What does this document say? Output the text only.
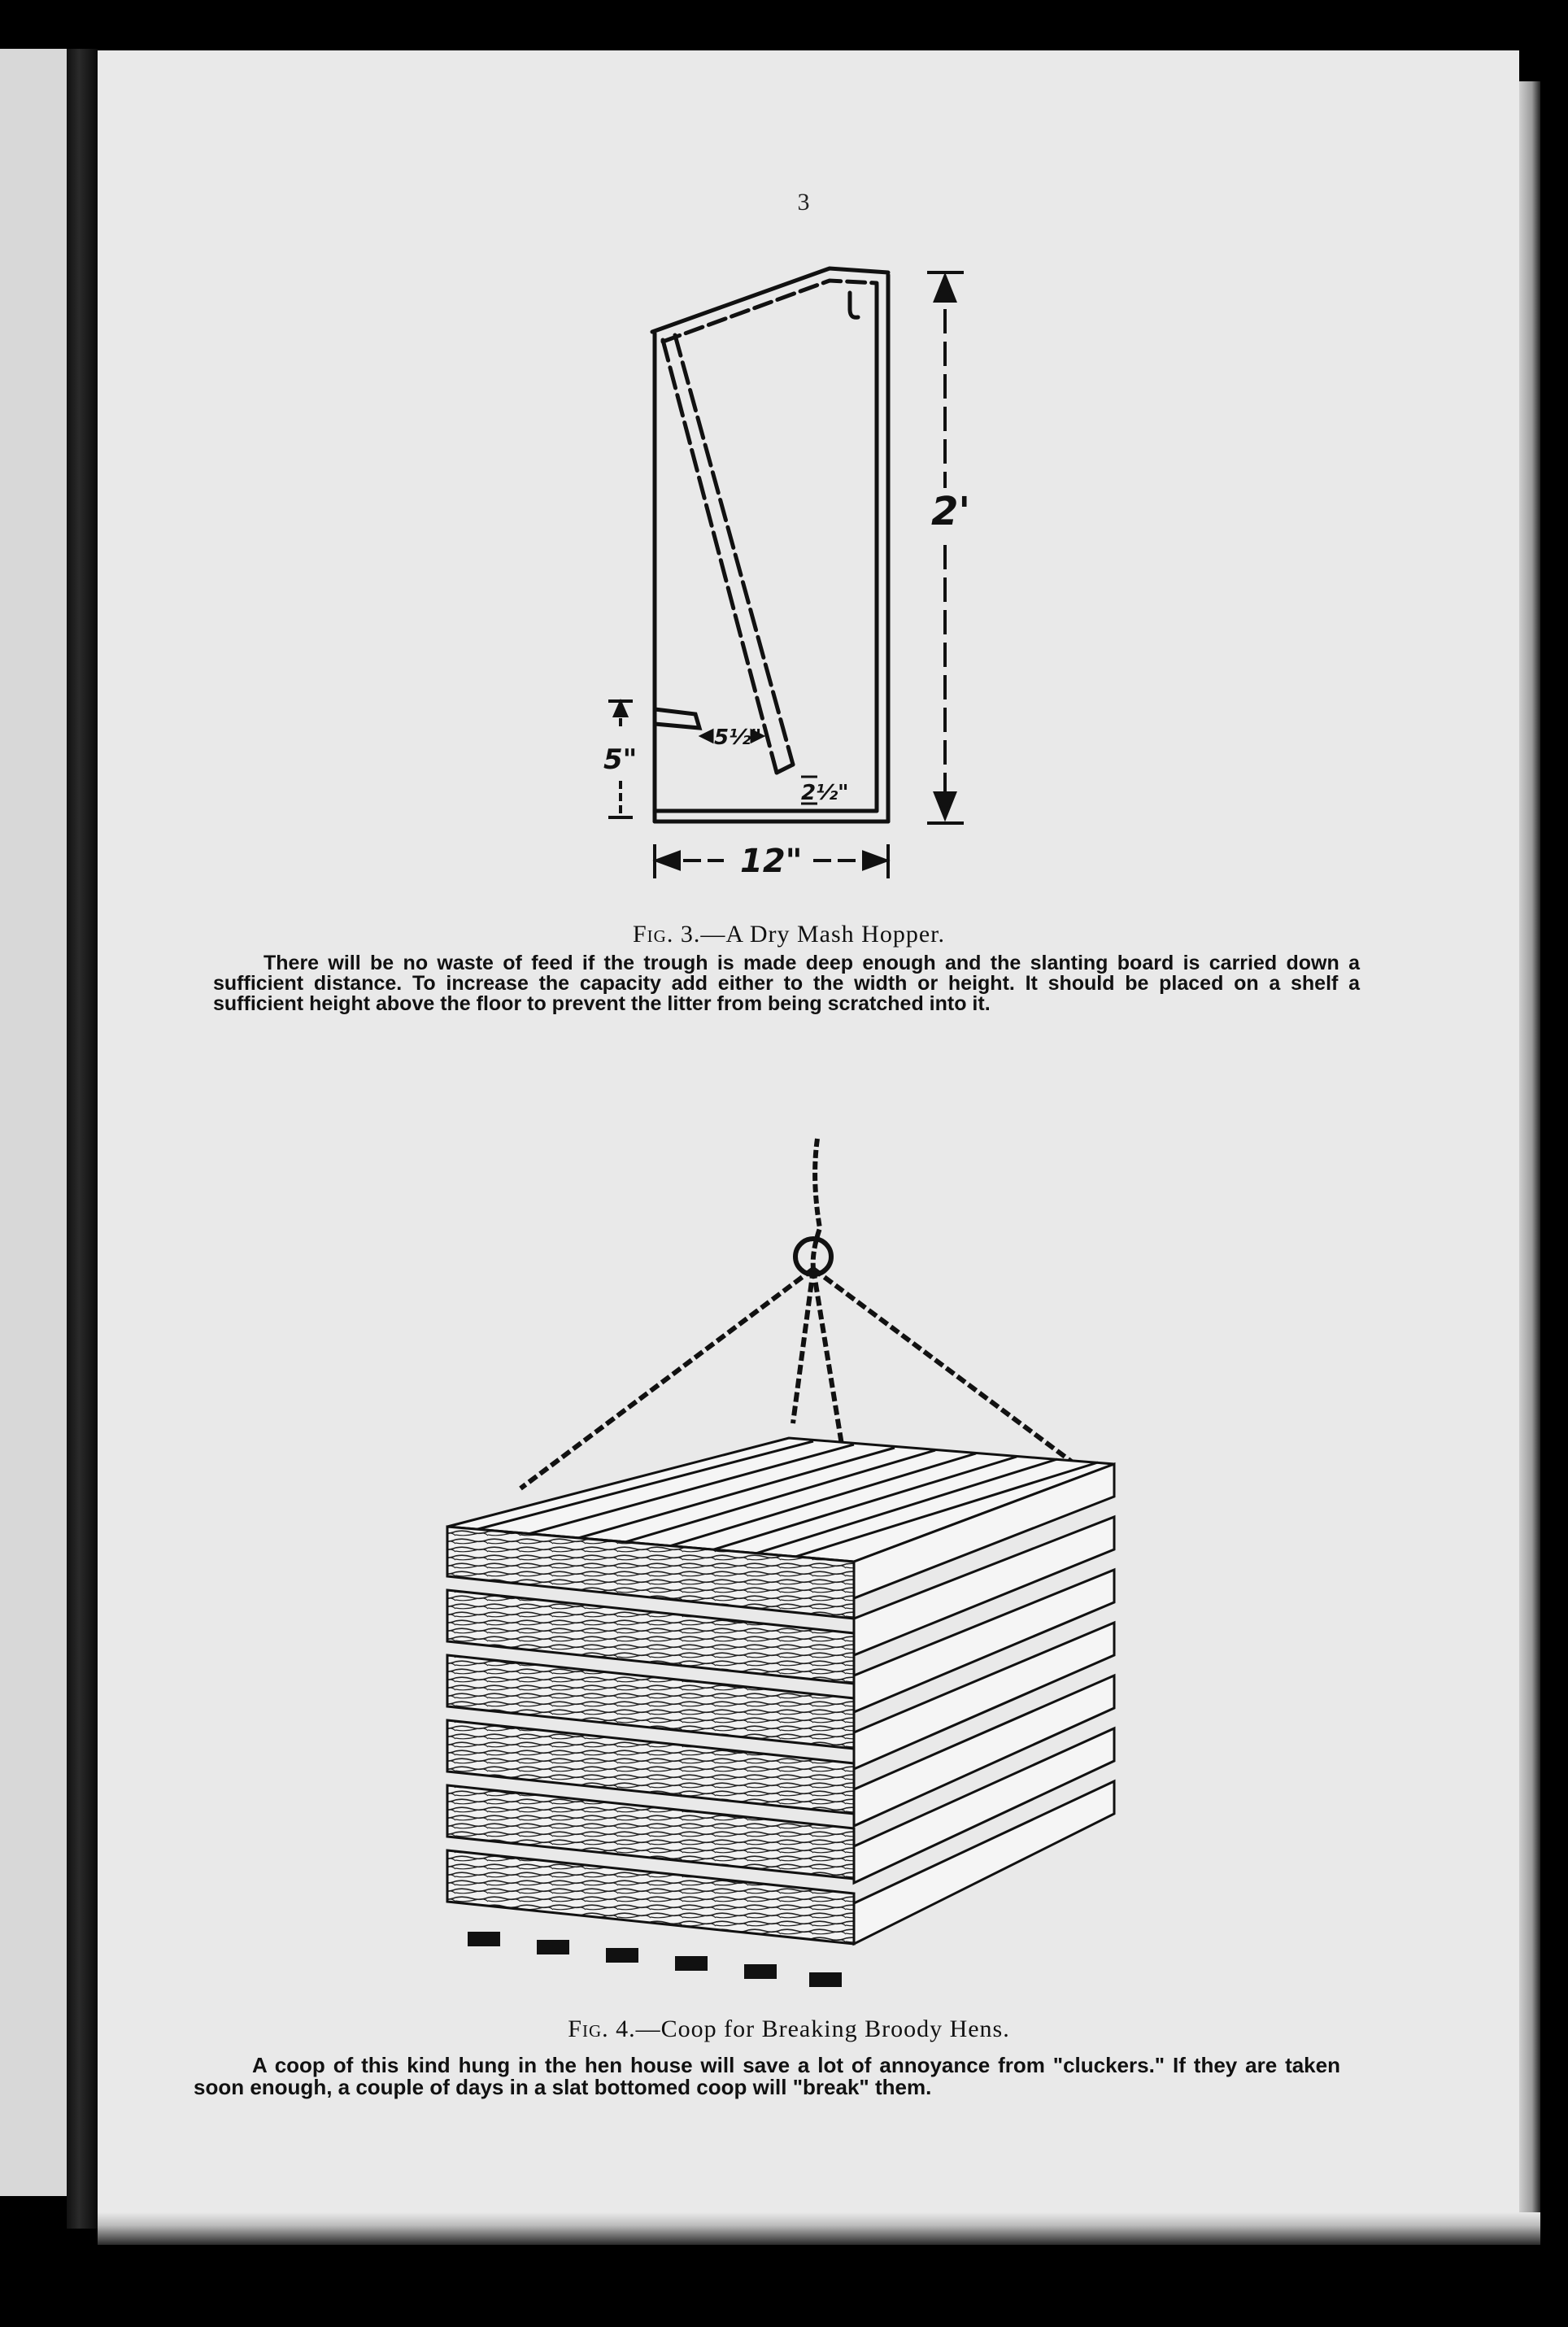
3
2'
12"
5"
5½"
2½"
Fig. 3.—A Dry Mash Hopper.
There will be no waste of feed if the trough is made deep enough and the slanting board is carried down a sufficient distance. To increase the capacity add either to the width or height. It should be placed on a shelf a sufficient height above the floor to prevent the litter from being scratched into it.
Fig. 4.—Coop for Breaking Broody Hens.
A coop of this kind hung in the hen house will save a lot of annoyance from "cluckers." If they are taken soon enough, a couple of days in a slat bottomed coop will "break" them.
